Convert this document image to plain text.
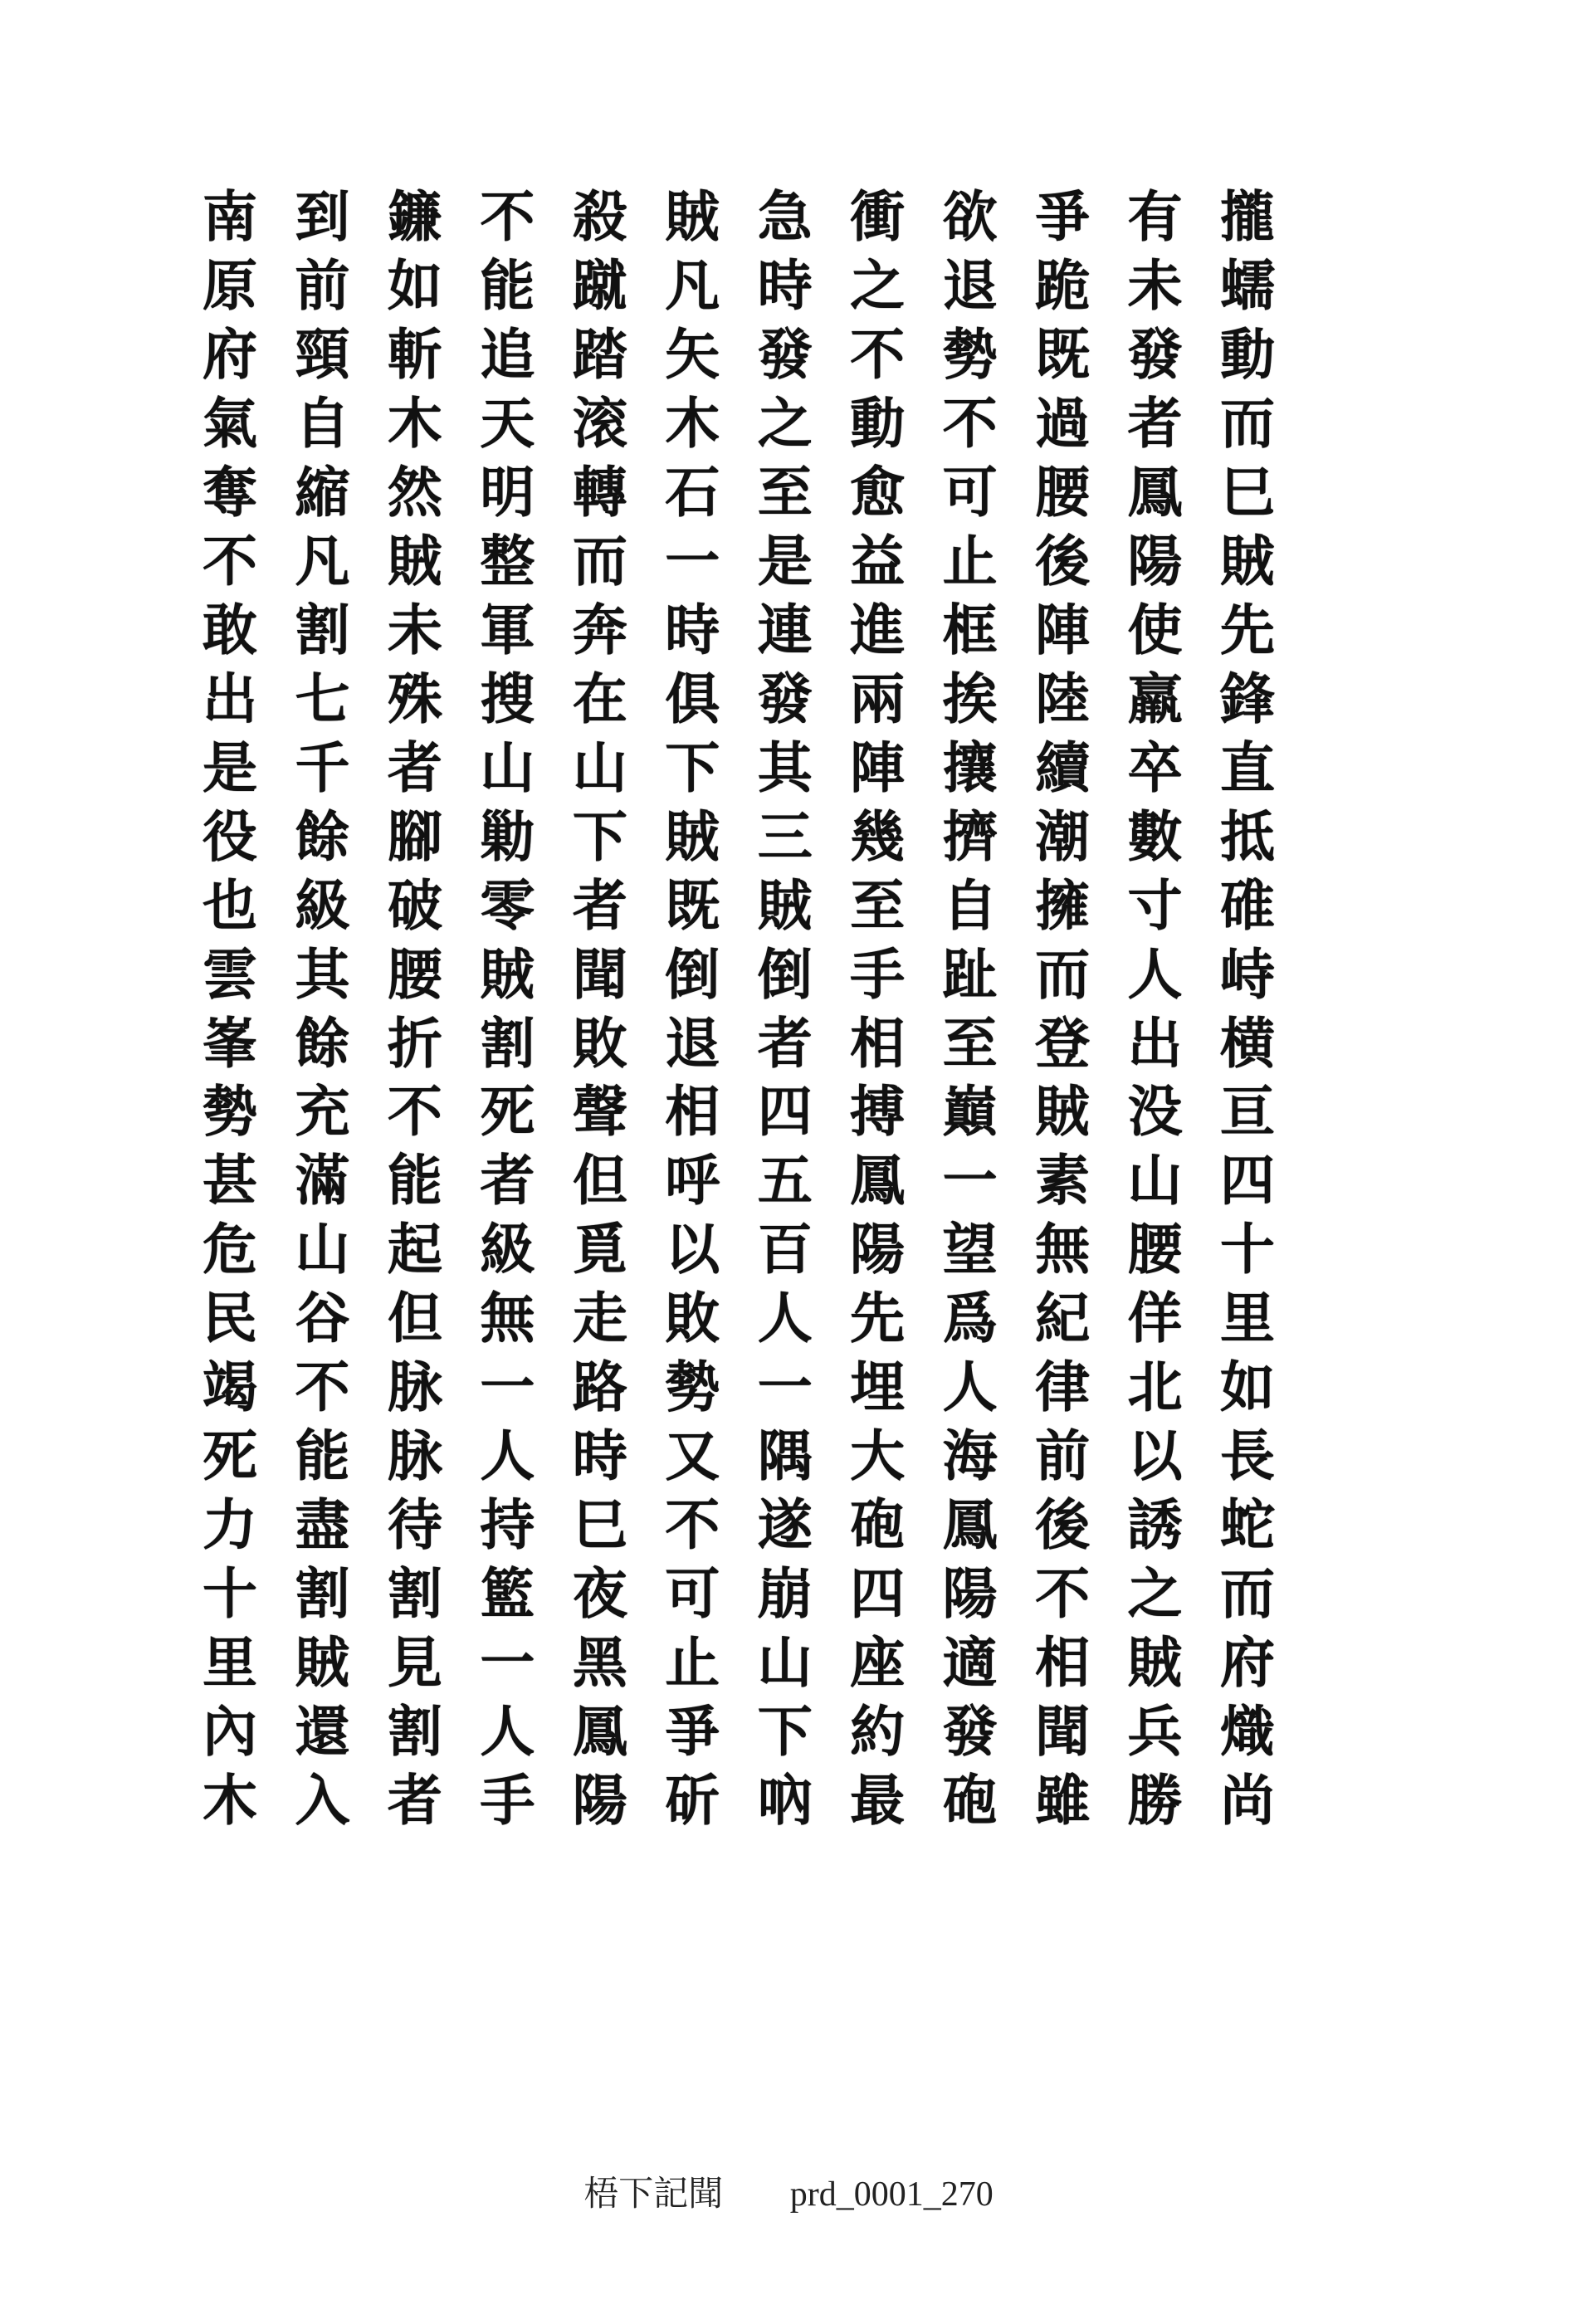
攏
蠕
動
而
巳
賊
先
鋒
直
抵
碓
峙
横
亘
四
十
里
如
長
蛇
而
府
熾
尚
有
未
發
者
鳳
陽
使
羸
卒
數
寸
人
出
没
山
腰
佯
北
以
誘
之
賊
兵
勝
爭
跪
既
過
腰
後
陣
陸
續
潮
擁
而
登
賊
素
無
紀
律
前
後
不
相
聞
雖
欲
退
勢
不
可
止
框
挨
攘
擠
自
趾
至
巔
一
望
爲
人
海
鳳
陽
適
發
砲
衝
之
不
動
愈
益
進
兩
陣
幾
至
手
相
搏
鳳
陽
先
埋
大
砲
四
座
約
最
急
時
發
之
至
是
連
發
其
三
賊
倒
者
四
五
百
人
一
隅
遂
崩
山
下
吶
賊
凡
矢
木
石
一
時
俱
下
賊
既
倒
退
相
呼
以
敗
勢
又
不
可
止
爭
斫
殺
蹴
踏
滚
轉
而
奔
在
山
下
者
聞
敗
聲
但
覓
走
路
時
巳
夜
黑
鳳
陽
不
能
追
天
明
整
軍
搜
山
勦
零
賊
割
死
者
級
無
一
人
持
籃
一
人
手
鐮
如
斬
木
然
賊
未
殊
者
腳
破
腰
折
不
能
起
但
脉
脉
待
割
見
割
者
到
前
頸
自
縮
凡
割
七
千
餘
級
其
餘
充
滿
山
谷
不
能
盡
割
賊
還
入
南
原
府
氣
奪
不
敢
出
是
役
也
雲
峯
勢
甚
危
民
竭
死
力
十
里
內
木
梧下記聞 prd_0001_270
